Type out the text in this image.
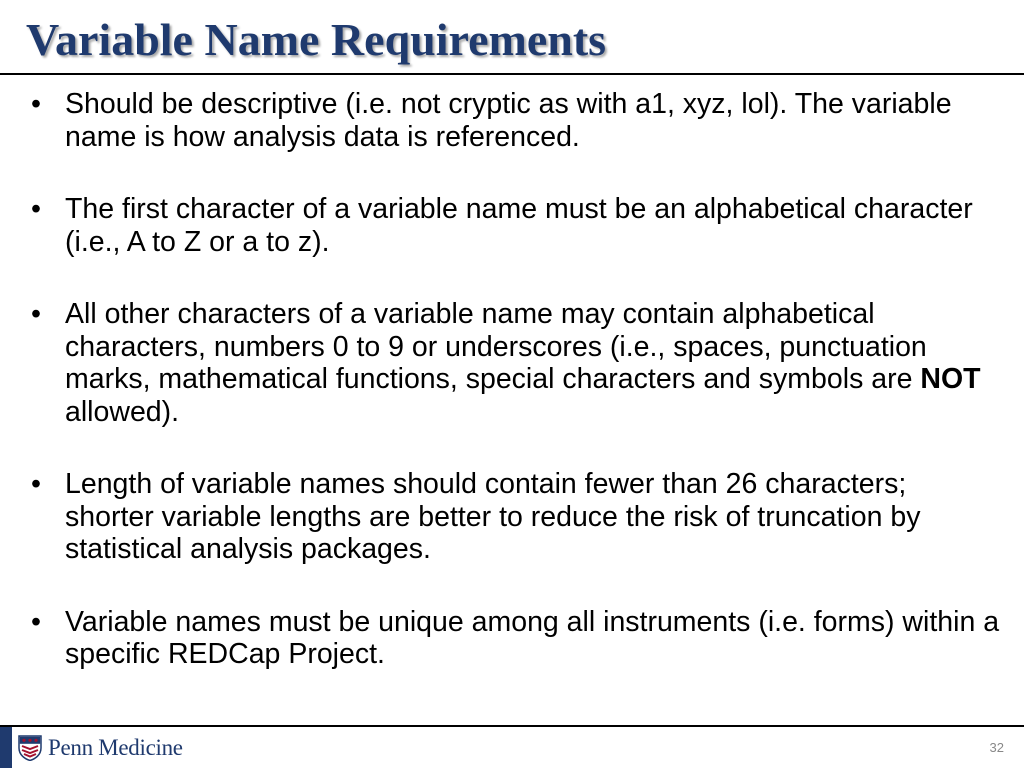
Variable Name Requirements
• Should be descriptive (i.e. not cryptic as with a1, xyz, lol). The variable name is how analysis data is referenced.
• The first character of a variable name must be an alphabetical character (i.e., A to Z or a to z).
• All other characters of a variable name may contain alphabetical characters, numbers 0 to 9 or underscores (i.e., spaces, punctuation marks, mathematical functions, special characters and symbols are NOT allowed).
• Length of variable names should contain fewer than 26 characters; shorter variable lengths are better to reduce the risk of truncation by statistical analysis packages.
• Variable names must be unique among all instruments (i.e. forms) within a specific REDCap Project.
Penn Medicine	32
